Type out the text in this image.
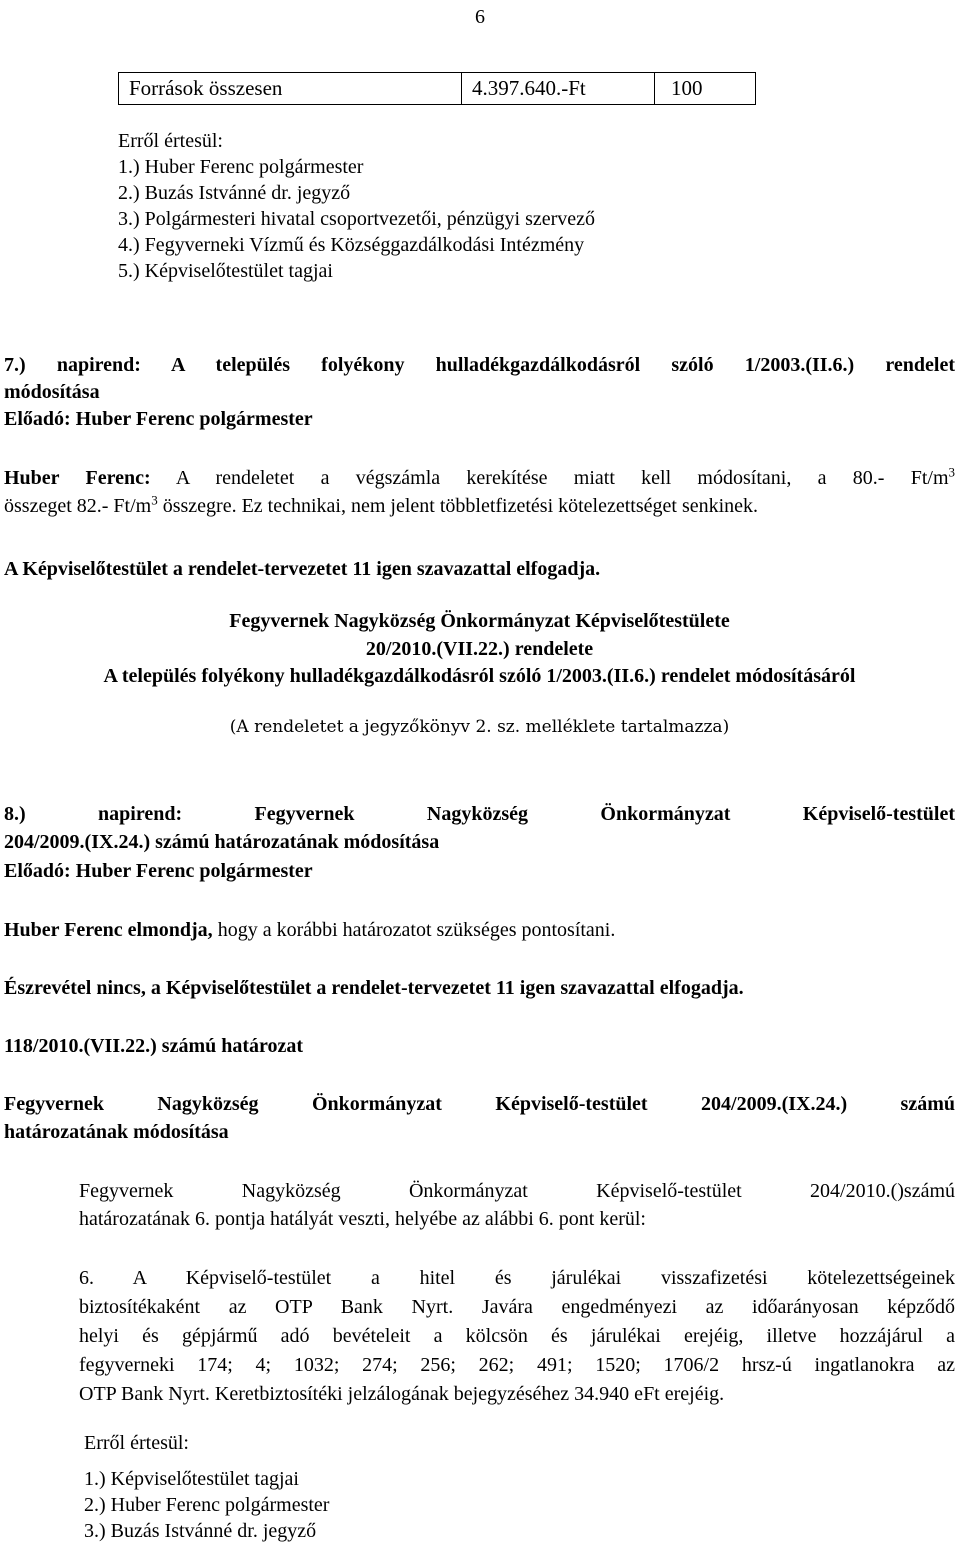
6
Források összesen	4.397.640.-Ft	100
Erről értesül:
1.) Huber Ferenc polgármester
2.) Buzás Istvánné dr. jegyző
3.) Polgármesteri hivatal csoportvezetői, pénzügyi szervező
4.) Fegyverneki Vízmű és Községgazdálkodási Intézmény
5.) Képviselőtestület tagjai
7.) napirend: A település folyékony hulladékgazdálkodásról szóló 1/2003.(II.6.) rendelet
módosítása
Előadó: Huber Ferenc polgármester
Huber Ferenc: A rendeletet a végszámla kerekítése miatt kell módosítani, a 80.- $Ft/m^3$
összeget 82.- $Ft/m^3$ összegre. Ez technikai, nem jelent többletfizetési kötelezettséget senkinek.
A Képviselőtestület a rendelet-tervezetet 11 igen szavazattal elfogadja.
Fegyvernek Nagyközség Önkormányzat Képviselőtestülete
20/2010.(VII.22.) rendelete
A település folyékony hulladékgazdálkodásról szóló 1/2003.(II.6.) rendelet módosításáról
(A rendeletet a jegyzőkönyv 2. sz. melléklete tartalmazza)
8.) napirend: Fegyvernek Nagyközség Önkormányzat Képviselő-testület
204/2009.(IX.24.) számú határozatának módosítása
Előadó: Huber Ferenc polgármester
Huber Ferenc elmondja, hogy a korábbi határozatot szükséges pontosítani.
Észrevétel nincs, a Képviselőtestület a rendelet-tervezetet 11 igen szavazattal elfogadja.
118/2010.(VII.22.) számú határozat
Fegyvernek Nagyközség Önkormányzat Képviselő-testület 204/2009.(IX.24.) számú
határozatának módosítása
Fegyvernek Nagyközség Önkormányzat Képviselő-testület 204/2010.()számú
határozatának 6. pontja hatályát veszti, helyébe az alábbi 6. pont kerül:
6. A Képviselő-testület a hitel és járulékai visszafizetési kötelezettségeinek
biztosítékaként az OTP Bank Nyrt. Javára engedményezi az időarányosan képződő
helyi és gépjármű adó bevételeit a kölcsön és járulékai erejéig, illetve hozzájárul a
fegyverneki 174; 4; 1032; 274; 256; 262; 491; 1520; 1706/2 hrsz-ú ingatlanokra az
OTP Bank Nyrt. Keretbiztosítéki jelzálogának bejegyzéséhez 34.940 eFt erejéig.
Erről értesül:
1.) Képviselőtestület tagjai
2.) Huber Ferenc polgármester
3.) Buzás Istvánné dr. jegyző
